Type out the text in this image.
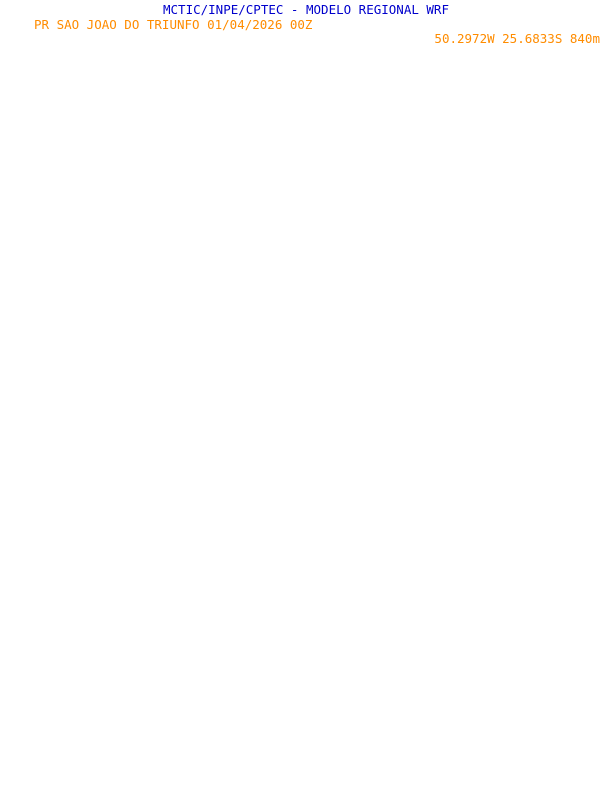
MCTIC/INPE/CPTEC - MODELO REGIONAL WRF
PR SAO JOAO DO TRIUNFO 01/04/2026 00Z
50.2972W 25.6833S 840m
